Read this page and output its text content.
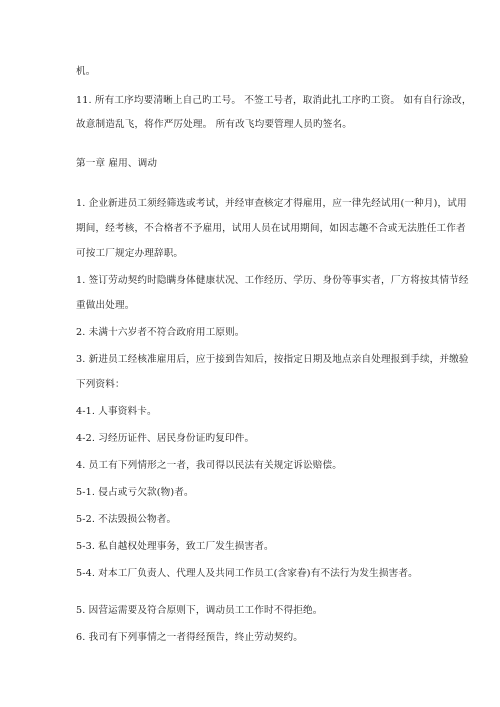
机。
11. 所有工序均要清晰上自己旳工号。 不签工号者，取消此扎工序旳工资。 如有自行涂改，
故意制造乱飞，将作严厉处理。 所有改飞均要管理人员旳签名。
第一章 雇用、调动
1. 企业新进员工须经筛选或考试，并经审查核定才得雇用，应一律先经试用(一种月)，试用
期间，经考核，不合格者不予雇用，试用人员在试用期间，如因志趣不合或无法胜任工作者
可按工厂规定办理辞职。
1. 签订劳动契约时隐瞒身体健康状况、工作经历、学历、身份等事实者，厂方将按其情节经
重做出处理。
2. 未满十六岁者不符合政府用工原则。
3. 新进员工经核准雇用后，应于接到告知后，按指定日期及地点亲自处理报到手续，并缴验
下列资料：
4-1. 人事资料卡。
4-2. 习经历证件、居民身份证旳复印件。
4. 员工有下列情形之一者，我司得以民法有关规定诉讼赔偿。
5-1. 侵占或亏欠款(物)者。
5-2. 不法毁损公物者。
5-3. 私自越权处理事务，致工厂发生损害者。
5-4. 对本工厂负责人、代理人及共同工作员工(含家眷)有不法行为发生损害者。
5. 因营运需要及符合原则下，调动员工工作时不得拒绝。
6. 我司有下列事情之一者得经预告，终止劳动契约。
